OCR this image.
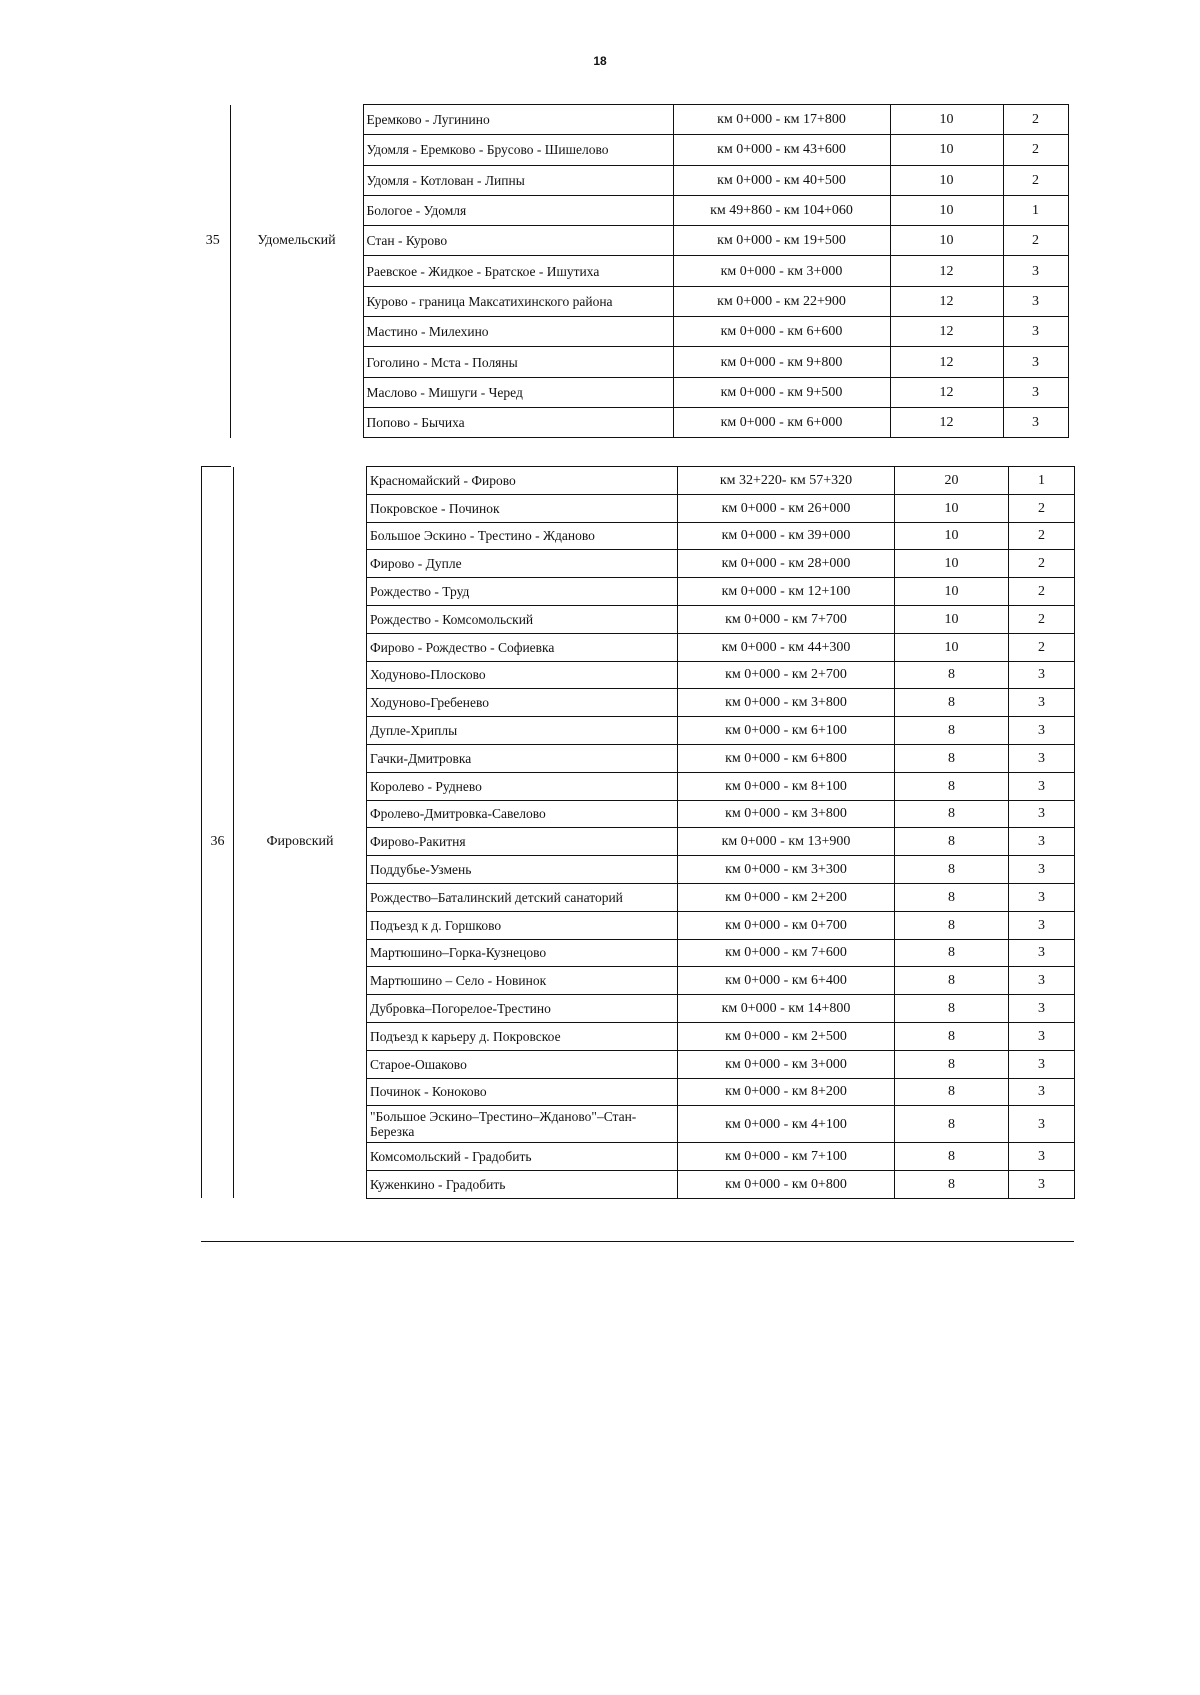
18
		Еремково - Лугинино	км 0+000 - км 17+800	10	2
		Удомля - Еремково - Брусово - Шишелово	км 0+000 - км 43+600	10	2
		Удомля - Котлован - Липны	км 0+000 - км 40+500	10	2
		Бологое - Удомля	км 49+860 - км 104+060	10	1
35	Удомельский	Стан - Курово	км 0+000 - км 19+500	10	2
		Раевское - Жидкое - Братское - Ишутиха	км 0+000 - км 3+000	12	3
		Курово - граница Максатихинского района	км 0+000 - км 22+900	12	3
		Мастино - Милехино	км 0+000 - км 6+600	12	3
		Гоголино - Мста - Поляны	км 0+000 - км 9+800	12	3
		Маслово - Мишуги - Черед	км 0+000 - км 9+500	12	3
		Попово - Бычиха	км 0+000 - км 6+000	12	3
		Красномайский - Фирово	км 32+220- км 57+320	20	1
		Покровское - Починок	км 0+000 - км 26+000	10	2
		Большое Эскино - Трестино - Жданово	км 0+000 - км 39+000	10	2
		Фирово - Дупле	км 0+000 - км 28+000	10	2
		Рождество - Труд	км 0+000 - км 12+100	10	2
		Рождество - Комсомольский	км 0+000 - км 7+700	10	2
		Фирово - Рождество - Софиевка	км 0+000 - км 44+300	10	2
		Ходуново-Плосково	км 0+000 - км 2+700	8	3
		Ходуново-Гребенево	км 0+000 - км 3+800	8	3
		Дупле-Хриплы	км 0+000 - км 6+100	8	3
		Гачки-Дмитровка	км 0+000 - км 6+800	8	3
		Королево - Руднево	км 0+000 - км 8+100	8	3
		Фролево-Дмитровка-Савелово	км 0+000 - км 3+800	8	3
36	Фировский	Фирово-Ракитня	км 0+000 - км 13+900	8	3
		Поддубье-Узмень	км 0+000 - км 3+300	8	3
		Рождество–Баталинский детский санаторий	км 0+000 - км 2+200	8	3
		Подъезд к д. Горшково	км 0+000 - км 0+700	8	3
		Мартюшино–Горка-Кузнецово	км 0+000 - км 7+600	8	3
		Мартюшино – Село - Новинок	км 0+000 - км 6+400	8	3
		Дубровка–Погорелое-Трестино	км 0+000 - км 14+800	8	3
		Подъезд к карьеру д. Покровское	км 0+000 - км 2+500	8	3
		Старое-Ошаково	км 0+000 - км 3+000	8	3
		Починок - Коноково	км 0+000 - км 8+200	8	3
		"Большое Эскино–Трестино–Жданово"–Стан-Березка	км 0+000 - км 4+100	8	3
		Комсомольский - Градобить	км 0+000 - км 7+100	8	3
		Куженкино - Градобить	км 0+000 - км 0+800	8	3
